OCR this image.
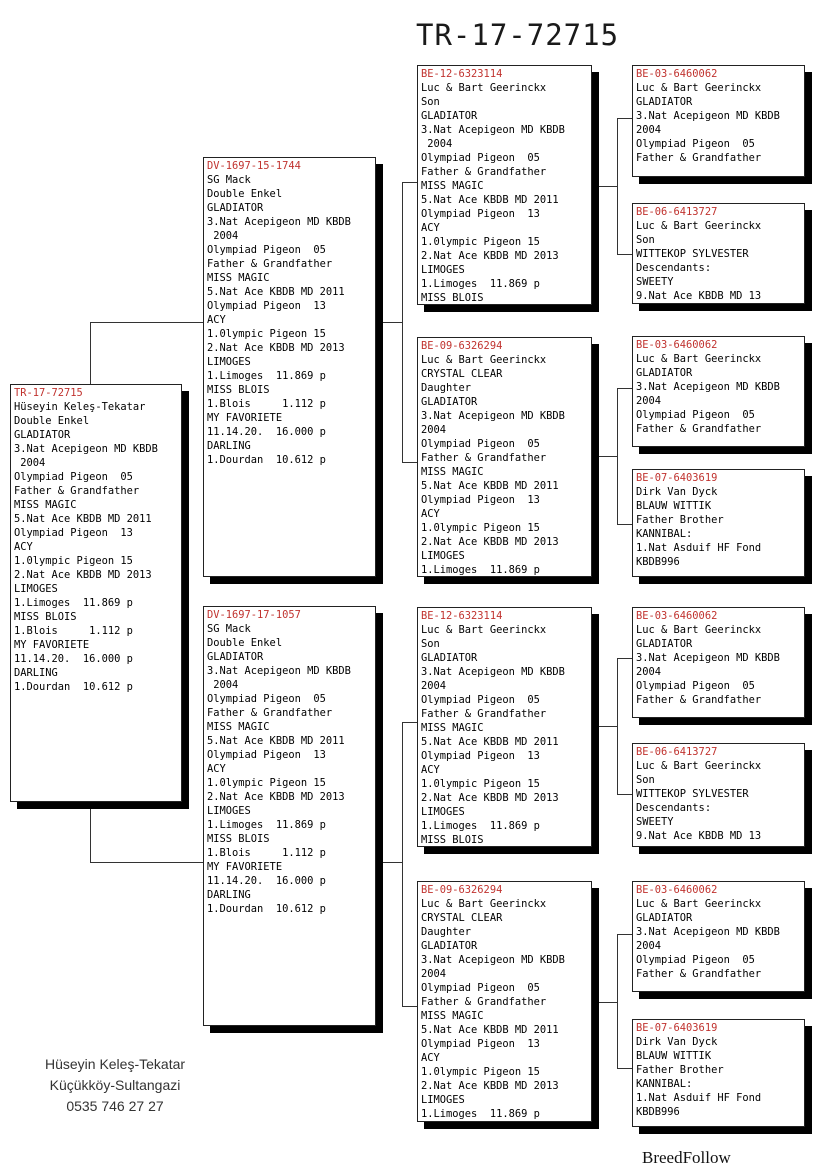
TR-17-72715
TR-17-72715
Hüseyin Keleş-Tekatar
Double Enkel
GLADIATOR
3.Nat Acepigeon MD KBDB
2004
Olympiad Pigeon  05
Father & Grandfather
MISS MAGIC
5.Nat Ace KBDB MD 2011
Olympiad Pigeon  13
ACY
1.0lympic Pigeon 15
2.Nat Ace KBDB MD 2013
LIMOGES
1.Limoges  11.869 p
MISS BLOIS
1.Blois     1.112 p
MY FAVORIETE
11.14.20.  16.000 p
DARLING
1.Dourdan  10.612 p
DV-1697-15-1744
SG Mack
Double Enkel
GLADIATOR
3.Nat Acepigeon MD KBDB
2004
Olympiad Pigeon  05
Father & Grandfather
MISS MAGIC
5.Nat Ace KBDB MD 2011
Olympiad Pigeon  13
ACY
1.0lympic Pigeon 15
2.Nat Ace KBDB MD 2013
LIMOGES
1.Limoges  11.869 p
MISS BLOIS
1.Blois     1.112 p
MY FAVORIETE
11.14.20.  16.000 p
DARLING
1.Dourdan  10.612 p
DV-1697-17-1057
SG Mack
Double Enkel
GLADIATOR
3.Nat Acepigeon MD KBDB
2004
Olympiad Pigeon  05
Father & Grandfather
MISS MAGIC
5.Nat Ace KBDB MD 2011
Olympiad Pigeon  13
ACY
1.0lympic Pigeon 15
2.Nat Ace KBDB MD 2013
LIMOGES
1.Limoges  11.869 p
MISS BLOIS
1.Blois     1.112 p
MY FAVORIETE
11.14.20.  16.000 p
DARLING
1.Dourdan  10.612 p
BE-12-6323114
Luc & Bart Geerinckx
Son
GLADIATOR
3.Nat Acepigeon MD KBDB
2004
Olympiad Pigeon  05
Father & Grandfather
MISS MAGIC
5.Nat Ace KBDB MD 2011
Olympiad Pigeon  13
ACY
1.0lympic Pigeon 15
2.Nat Ace KBDB MD 2013
LIMOGES
1.Limoges  11.869 p
MISS BLOIS
BE-09-6326294
Luc & Bart Geerinckx
CRYSTAL CLEAR
Daughter
GLADIATOR
3.Nat Acepigeon MD KBDB
2004
Olympiad Pigeon  05
Father & Grandfather
MISS MAGIC
5.Nat Ace KBDB MD 2011
Olympiad Pigeon  13
ACY
1.0lympic Pigeon 15
2.Nat Ace KBDB MD 2013
LIMOGES
1.Limoges  11.869 p
BE-12-6323114
Luc & Bart Geerinckx
Son
GLADIATOR
3.Nat Acepigeon MD KBDB
2004
Olympiad Pigeon  05
Father & Grandfather
MISS MAGIC
5.Nat Ace KBDB MD 2011
Olympiad Pigeon  13
ACY
1.0lympic Pigeon 15
2.Nat Ace KBDB MD 2013
LIMOGES
1.Limoges  11.869 p
MISS BLOIS
BE-09-6326294
Luc & Bart Geerinckx
CRYSTAL CLEAR
Daughter
GLADIATOR
3.Nat Acepigeon MD KBDB
2004
Olympiad Pigeon  05
Father & Grandfather
MISS MAGIC
5.Nat Ace KBDB MD 2011
Olympiad Pigeon  13
ACY
1.0lympic Pigeon 15
2.Nat Ace KBDB MD 2013
LIMOGES
1.Limoges  11.869 p
BE-03-6460062
Luc & Bart Geerinckx
GLADIATOR
3.Nat Acepigeon MD KBDB
2004
Olympiad Pigeon  05
Father & Grandfather
BE-06-6413727
Luc & Bart Geerinckx
Son
WITTEKOP SYLVESTER
Descendants:
SWEETY
9.Nat Ace KBDB MD 13
BE-03-6460062
Luc & Bart Geerinckx
GLADIATOR
3.Nat Acepigeon MD KBDB
2004
Olympiad Pigeon  05
Father & Grandfather
BE-07-6403619
Dirk Van Dyck
BLAUW WITTIK
Father Brother
KANNIBAL:
1.Nat Asduif HF Fond
KBDB996
BE-03-6460062
Luc & Bart Geerinckx
GLADIATOR
3.Nat Acepigeon MD KBDB
2004
Olympiad Pigeon  05
Father & Grandfather
BE-06-6413727
Luc & Bart Geerinckx
Son
WITTEKOP SYLVESTER
Descendants:
SWEETY
9.Nat Ace KBDB MD 13
BE-03-6460062
Luc & Bart Geerinckx
GLADIATOR
3.Nat Acepigeon MD KBDB
2004
Olympiad Pigeon  05
Father & Grandfather
BE-07-6403619
Dirk Van Dyck
BLAUW WITTIK
Father Brother
KANNIBAL:
1.Nat Asduif HF Fond
KBDB996
Hüseyin Keleş-Tekatar
Küçükköy-Sultangazi
0535 746 27 27
BreedFollow
